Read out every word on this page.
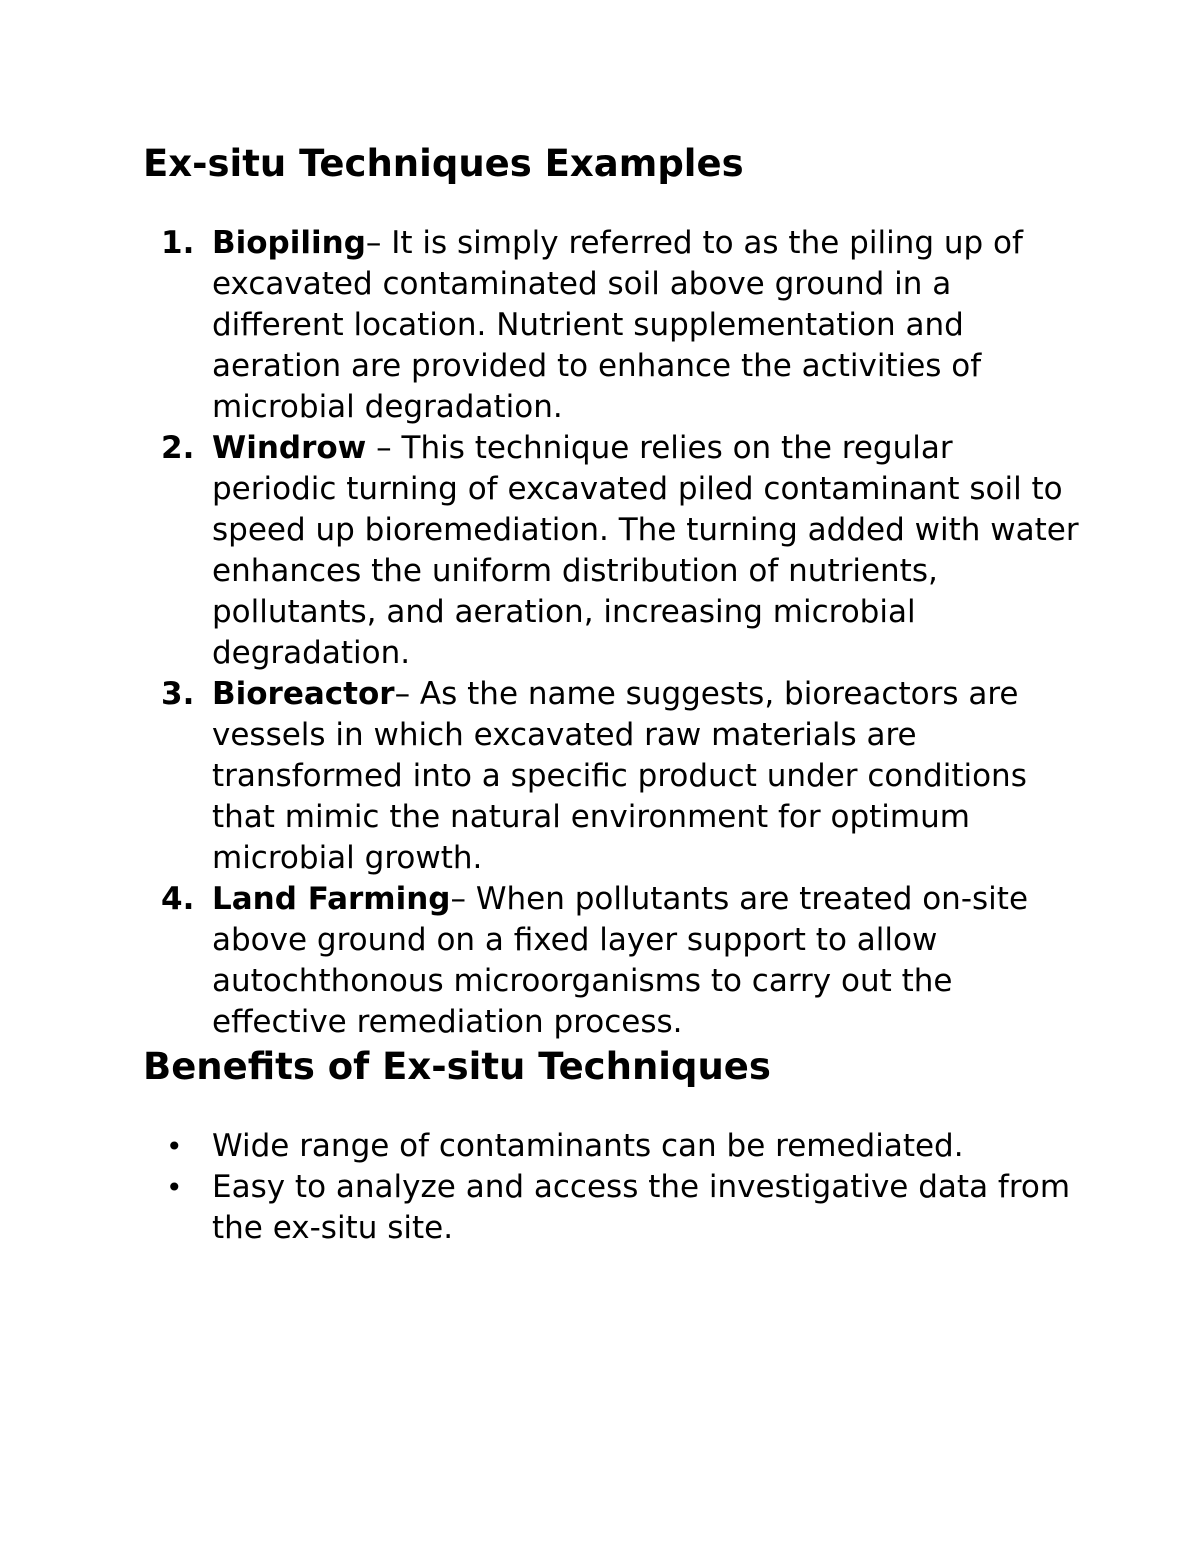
Ex-situ Techniques Examples
1. Biopiling– It is simply referred to as the piling up of excavated contaminated soil above ground in a different location. Nutrient supplementation and aeration are provided to enhance the activities of microbial degradation.
2. Windrow – This technique relies on the regular periodic turning of excavated piled contaminant soil to speed up bioremediation. The turning added with water enhances the uniform distribution of nutrients, pollutants, and aeration, increasing microbial degradation.
3. Bioreactor– As the name suggests, bioreactors are vessels in which excavated raw materials are transformed into a specific product under conditions that mimic the natural environment for optimum microbial growth.
4. Land Farming– When pollutants are treated on-site above ground on a fixed layer support to allow autochthonous microorganisms to carry out the effective remediation process.
Benefits of Ex-situ Techniques
• Wide range of contaminants can be remediated.
• Easy to analyze and access the investigative data from the ex-situ site.
